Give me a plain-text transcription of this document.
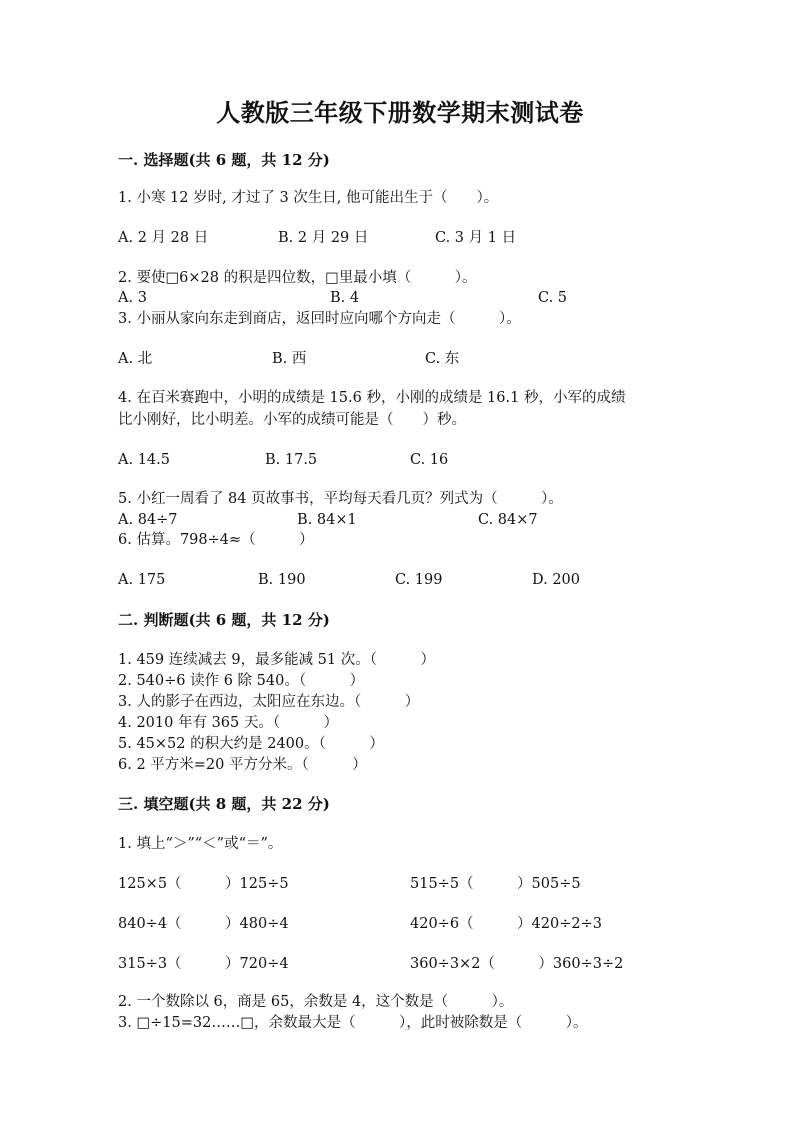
人教版三年级下册数学期末测试卷
一. 选择题(共 6 题，共 12 分)
1. 小寒 12 岁时, 才过了 3 次生日, 他可能出生于（　　）。
A. 2 月 28 日	B. 2 月 29 日	C. 3 月 1 日
2. 要使□6×28 的积是四位数，□里最小填（　　　）。
A. 3	B. 4	C. 5
3. 小丽从家向东走到商店，返回时应向哪个方向走（　　　）。
A. 北	B. 西	C. 东
4. 在百米赛跑中，小明的成绩是 15.6 秒，小刚的成绩是 16.1 秒，小军的成绩
比小刚好，比小明差。小军的成绩可能是（　　）秒。
A. 14.5	B. 17.5	C. 16
5. 小红一周看了 84 页故事书，平均每天看几页？列式为（　　　）。
A. 84÷7	B. 84×1	C. 84×7
6. 估算。798÷4≈（　　　）
A. 175	B. 190	C. 199	D. 200
二. 判断题(共 6 题，共 12 分)
1. 459 连续减去 9，最多能减 51 次。（　　　）
2. 540÷6 读作 6 除 540。（　　　）
3. 人的影子在西边，太阳应在东边。（　　　）
4. 2010 年有 365 天。（　　　）
5. 45×52 的积大约是 2400。（　　　）
6. 2 平方米=20 平方分米。（　　　）
三. 填空题(共 8 题，共 22 分)
1. 填上“＞”“＜”或“＝”。
125×5（　　　）125÷5	515÷5（　　　）505÷5
840÷4（　　　）480÷4	420÷6（　　　）420÷2÷3
315÷3（　　　）720÷4	360÷3×2（　　　）360÷3÷2
2. 一个数除以 6，商是 65，余数是 4，这个数是（　　　）。
3. □÷15=32……□，余数最大是（　　　），此时被除数是（　　　）。
